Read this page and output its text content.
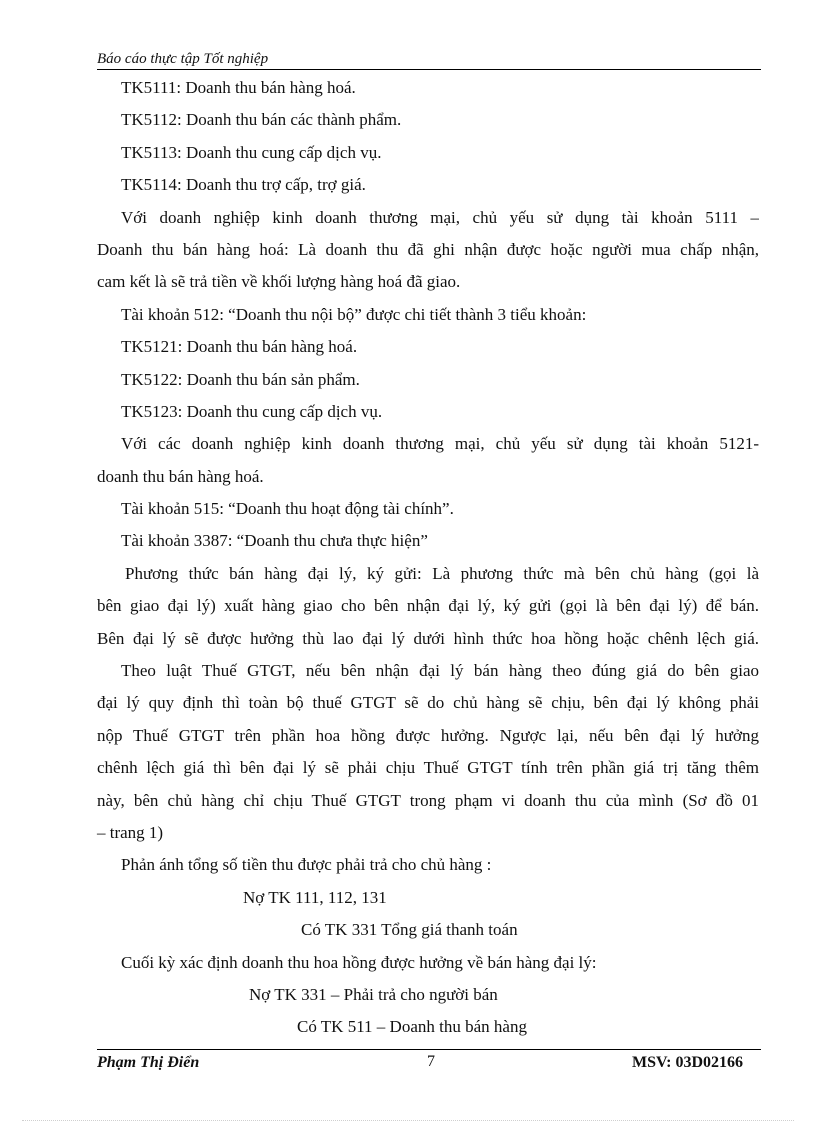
Báo cáo thực tập Tốt nghiệp
TK5111: Doanh thu bán hàng hoá.
TK5112: Doanh thu bán các thành phẩm.
TK5113: Doanh thu cung cấp dịch vụ.
TK5114: Doanh thu trợ cấp, trợ giá.
Với doanh nghiệp kinh doanh thương mại, chủ yếu sử dụng tài khoản 5111 –
Doanh thu bán hàng hoá: Là doanh thu đã ghi nhận được hoặc người mua chấp nhận,
cam kết là sẽ trả tiền về khối lượng hàng hoá đã giao.
Tài khoản 512: “Doanh thu nội bộ” được chi tiết thành 3 tiểu khoản:
TK5121: Doanh thu bán hàng hoá.
TK5122: Doanh thu bán sản phẩm.
TK5123: Doanh thu cung cấp dịch vụ.
Với các doanh nghiệp kinh doanh thương mại, chủ yếu sử dụng tài khoản 5121-
doanh thu bán hàng hoá.
Tài khoản 515: “Doanh thu hoạt động tài chính”.
Tài khoản 3387: “Doanh thu chưa thực hiện”
Phương thức bán hàng đại lý, ký gửi: Là phương thức mà bên chủ hàng (gọi là
bên giao đại lý) xuất hàng giao cho bên nhận đại lý, ký gửi (gọi là bên đại lý) để bán.
Bên đại lý sẽ được hưởng thù lao đại lý dưới hình thức hoa hồng hoặc chênh lệch giá.
Theo luật Thuế GTGT, nếu bên nhận đại lý bán hàng theo đúng giá do bên giao
đại lý quy định thì toàn bộ thuế GTGT sẽ do chủ hàng sẽ chịu, bên đại lý không phải
nộp Thuế GTGT trên phần hoa hồng được hưởng. Ngược lại, nếu bên đại lý hưởng
chênh lệch giá thì bên đại lý sẽ phải chịu Thuế GTGT tính trên phần giá trị tăng thêm
này, bên chủ hàng chỉ chịu Thuế GTGT trong phạm vi doanh thu của mình (Sơ đồ 01
– trang 1)
Phản ánh tổng số tiền thu được phải trả cho chủ hàng :
Nợ TK 111, 112, 131
Có TK 331 Tổng giá thanh toán
Cuối kỳ xác định doanh thu hoa hồng được hưởng về bán hàng đại lý:
Nợ TK 331 – Phải trả cho người bán
Có TK 511 – Doanh thu bán hàng
Phạm Thị Điển	7	MSV: 03D02166
